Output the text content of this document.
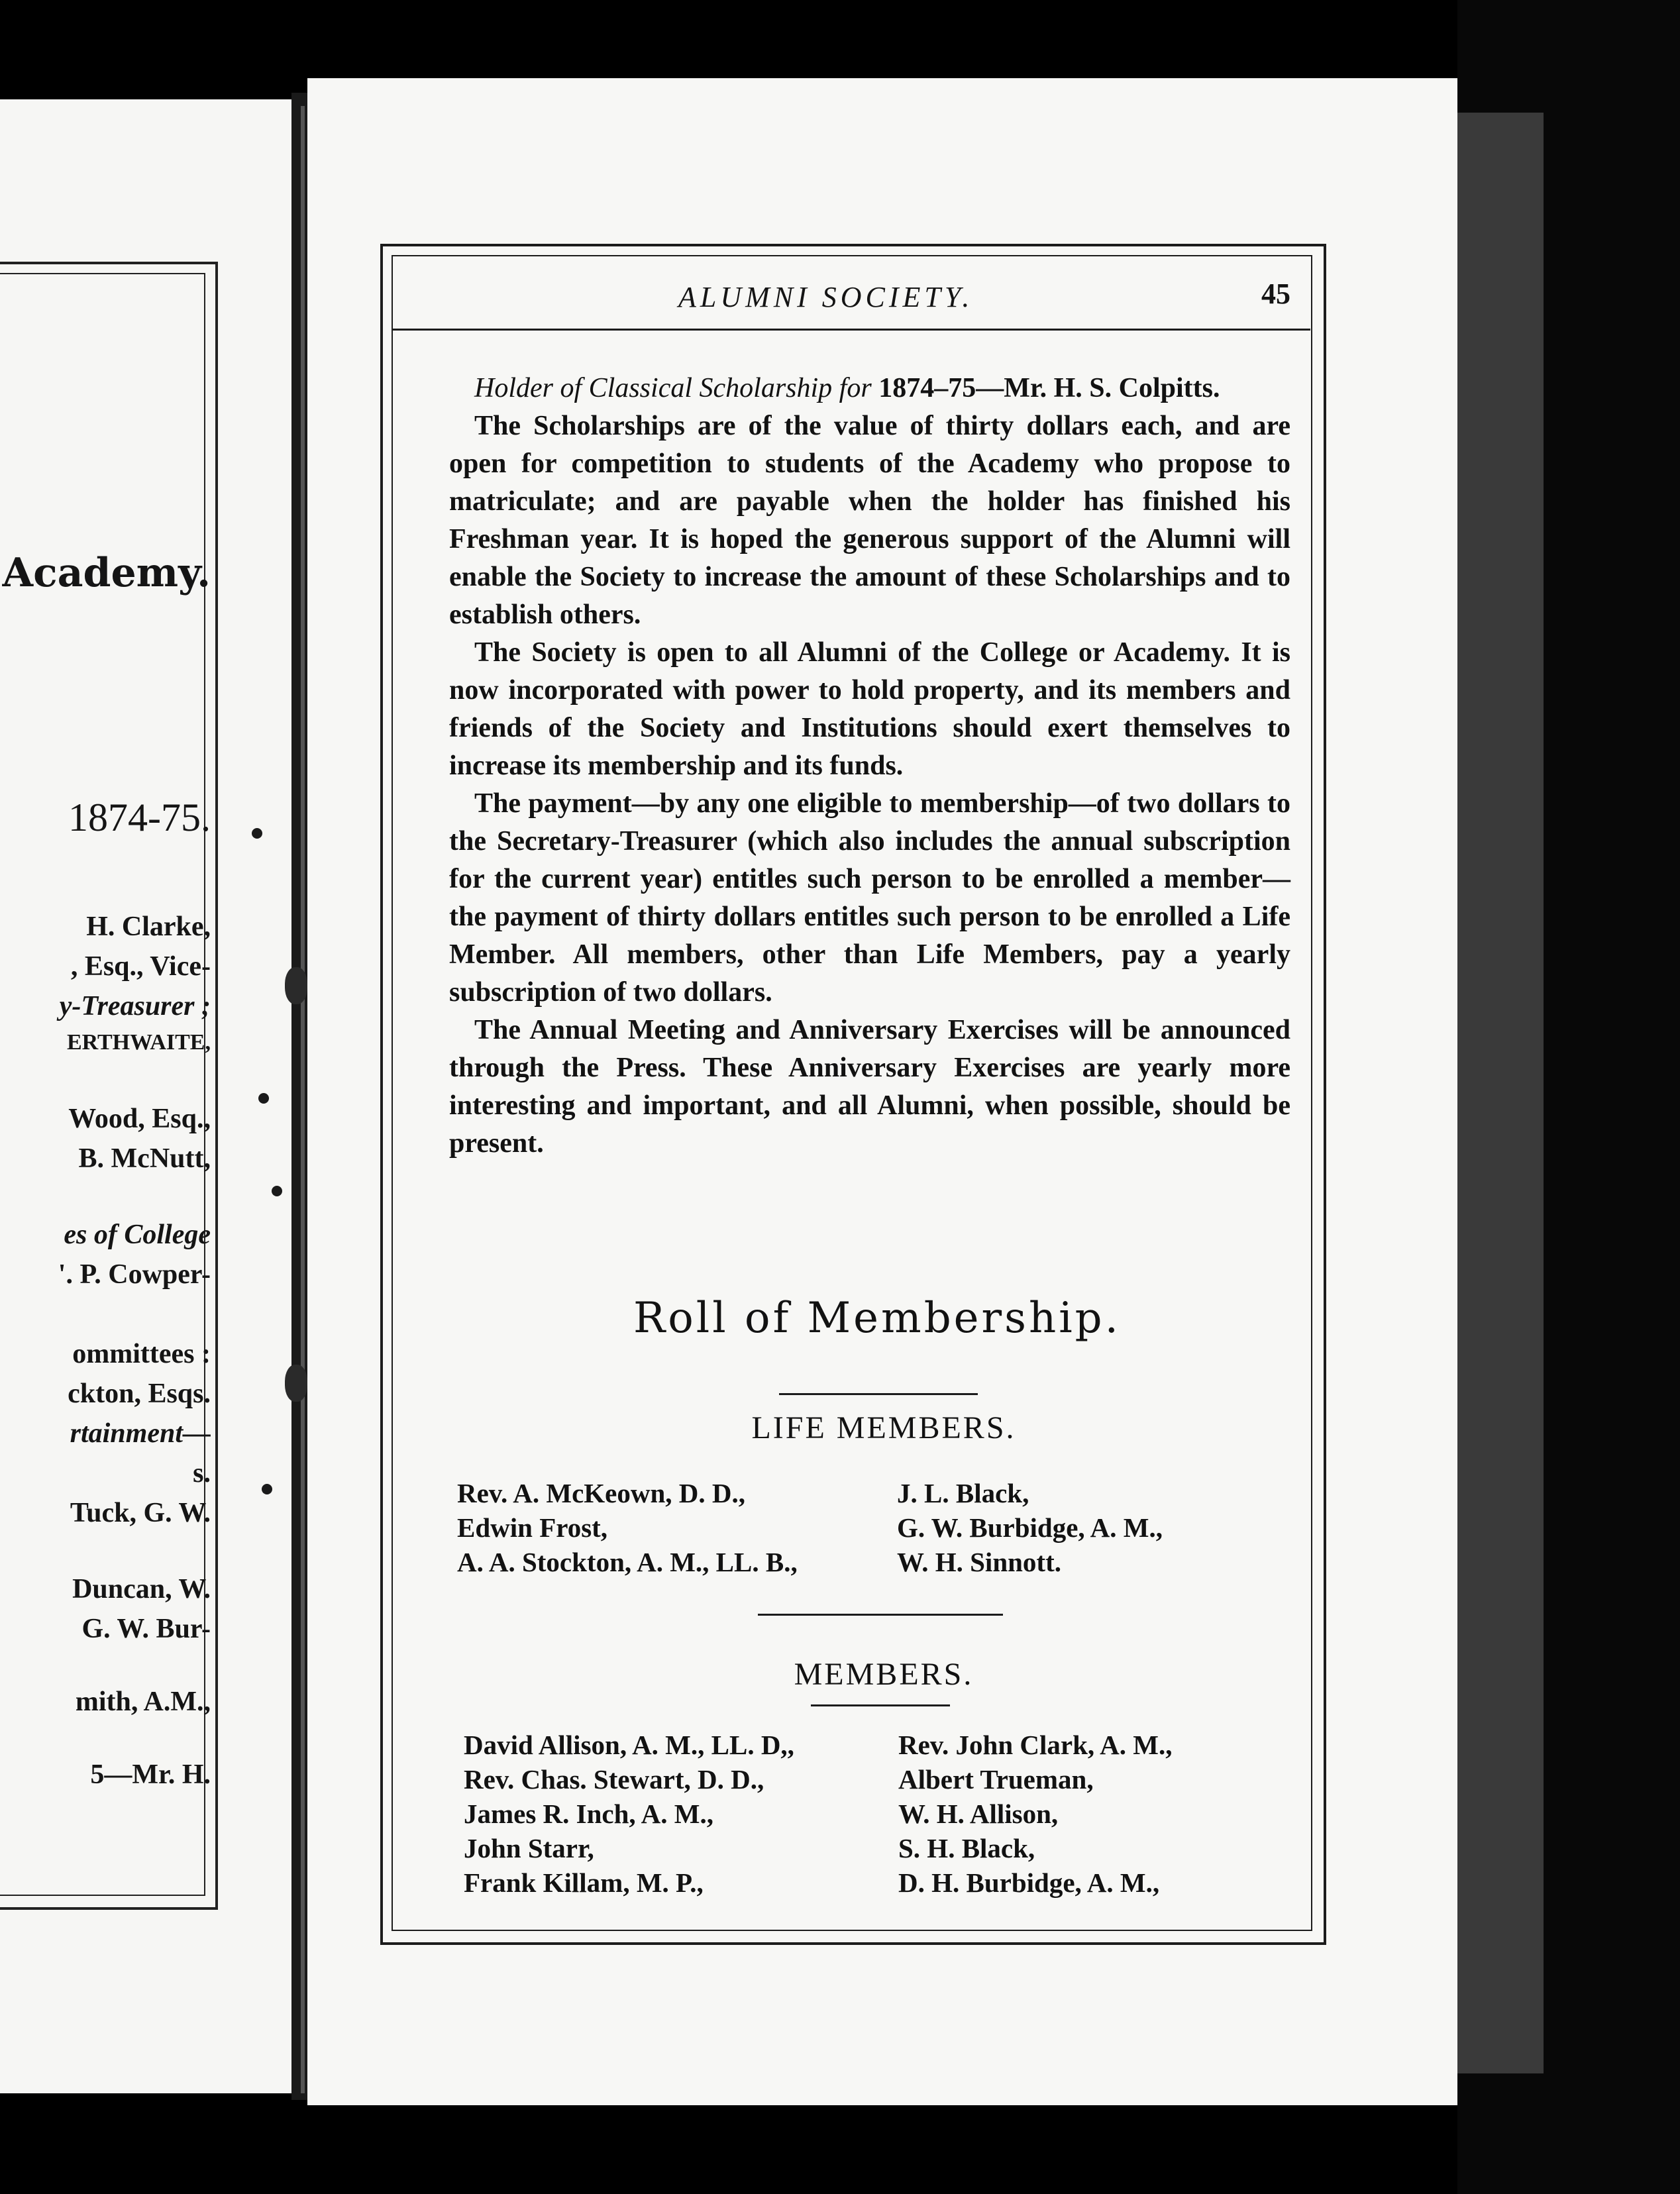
Academy.
1874-75.
H. Clarke,
, Esq., Vice-
y-Treasurer ;
ERTHWAITE,
Wood, Esq.,
B. McNutt,
es of College
'. P. Cowper-
ommittees :
ckton, Esqs.
rtainment—
s.
Tuck, G. W.
Duncan, W.
G. W. Bur-
mith, A.M.,
5—Mr. H.
ALUMNI SOCIETY.	45

Holder of Classical Scholarship for 1874–75—Mr. H. S. Colpitts.

The Scholarships are of the value of thirty dollars each, and are open for competition to students of the Academy who propose to matriculate; and are payable when the holder has finished his Freshman year. It is hoped the generous support of the Alumni will enable the Society to increase the amount of these Scholarships and to establish others.

The Society is open to all Alumni of the College or Academy. It is now incorporated with power to hold property, and its members and friends of the Society and Institutions should exert themselves to increase its membership and its funds.

The payment—by any one eligible to membership—of two dollars to the Secretary-Treasurer (which also includes the annual subscription for the current year) entitles such person to be enrolled a member—the payment of thirty dollars entitles such person to be enrolled a Life Member. All members, other than Life Members, pay a yearly subscription of two dollars.

The Annual Meeting and Anniversary Exercises will be announced through the Press. These Anniversary Exercises are yearly more interesting and important, and all Alumni, when possible, should be present.

Roll of Membership.
LIFE MEMBERS.
Rev. A. McKeown, D. D.,
Edwin Frost,
A. A. Stockton, A. M., LL. B.,
J. L. Black,
G. W. Burbidge, A. M.,
W. H. Sinnott.
MEMBERS.
David Allison, A. M., LL. D,,
Rev. Chas. Stewart, D. D.,
James R. Inch, A. M.,
John Starr,
Frank Killam, M. P.,
Rev. John Clark, A. M.,
Albert Trueman,
W. H. Allison,
S. H. Black,
D. H. Burbidge, A. M.,
